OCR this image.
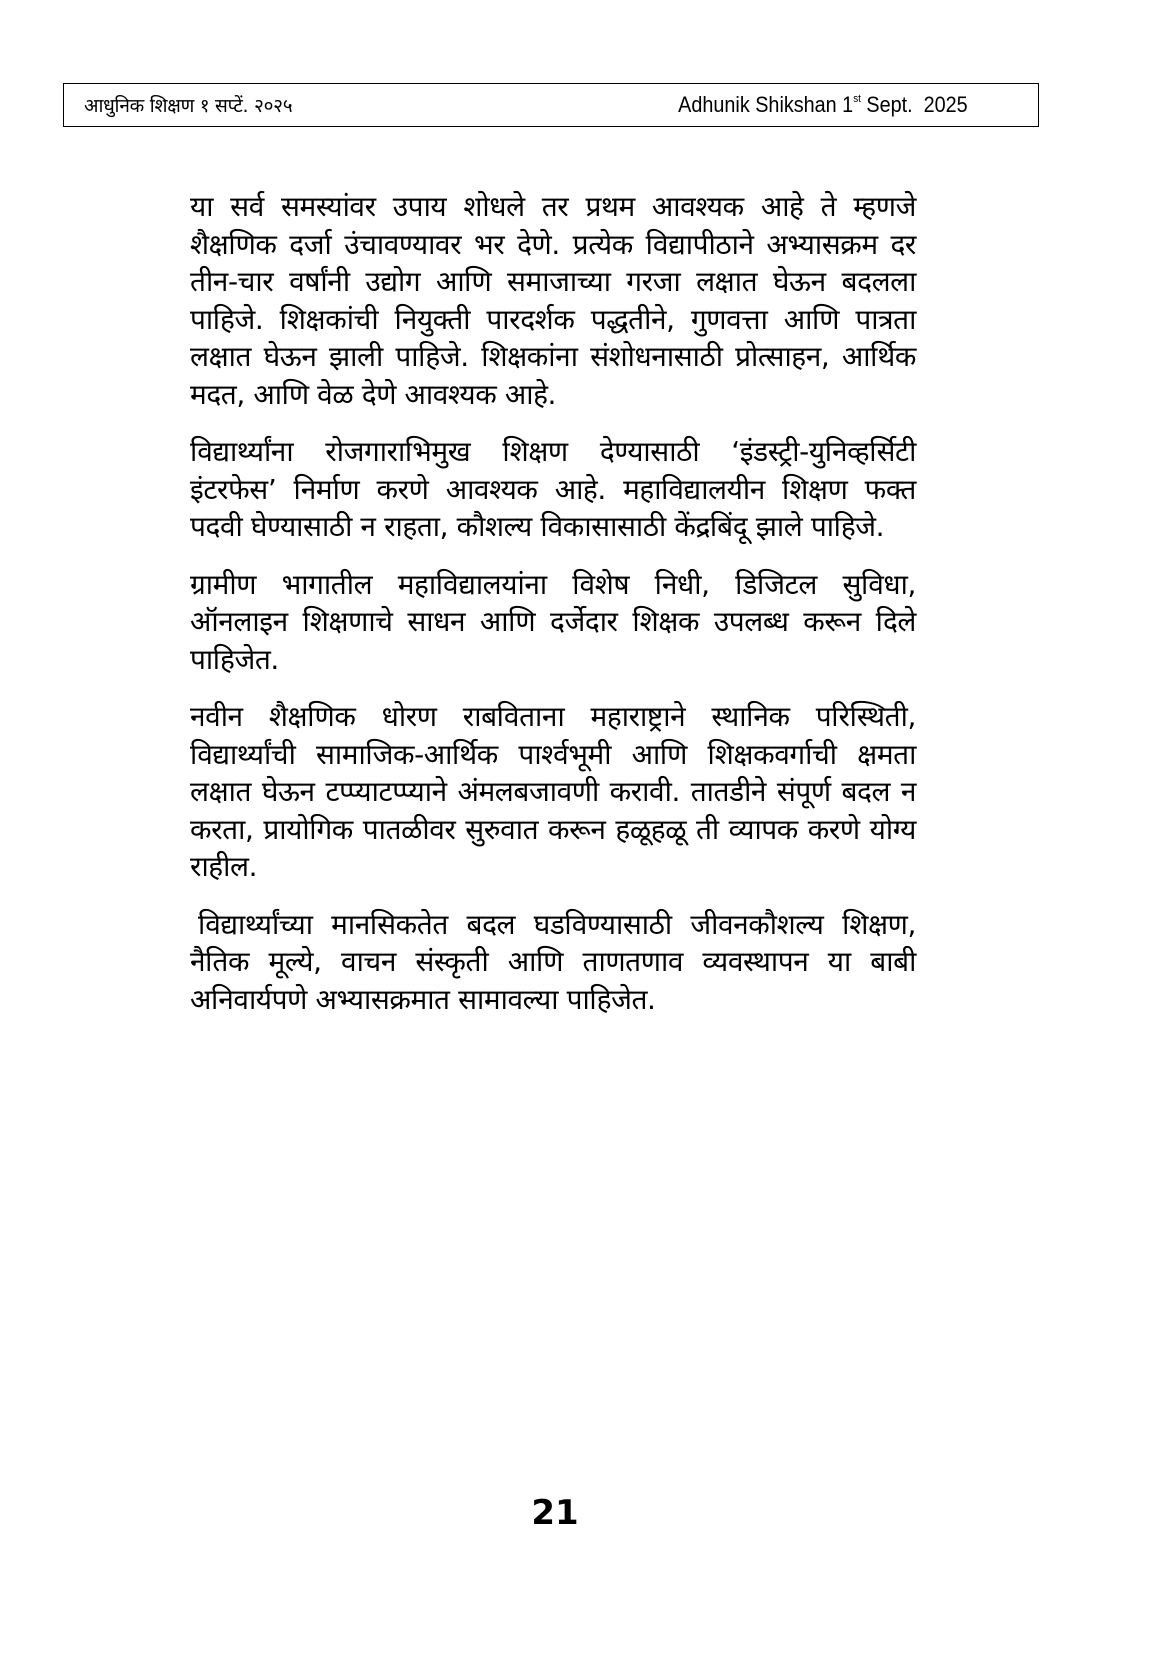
आधुनिक शिक्षण १ सप्टें. २०२५	Adhunik Shikshan 1st Sept.  2025

या सर्व समस्यांवर उपाय शोधले तर प्रथम आवश्यक आहे ते म्हणजे शैक्षणिक दर्जा उंचावण्यावर भर देणे. प्रत्येक विद्यापीठाने अभ्यासक्रम दर तीन-चार वर्षांनी उद्योग आणि समाजाच्या गरजा लक्षात घेऊन बदलला पाहिजे. शिक्षकांची नियुक्ती पारदर्शक पद्धतीने, गुणवत्ता आणि पात्रता लक्षात घेऊन झाली पाहिजे. शिक्षकांना संशोधनासाठी प्रोत्साहन, आर्थिक मदत, आणि वेळ देणे आवश्यक आहे.

विद्यार्थ्यांना रोजगाराभिमुख शिक्षण देण्यासाठी ‘इंडस्ट्री-युनिव्हर्सिटी इंटरफेस’ निर्माण करणे आवश्यक आहे. महाविद्यालयीन शिक्षण फक्त पदवी घेण्यासाठी न राहता, कौशल्य विकासासाठी केंद्रबिंदू झाले पाहिजे.

ग्रामीण भागातील महाविद्यालयांना विशेष निधी, डिजिटल सुविधा, ऑनलाइन शिक्षणाचे साधन आणि दर्जेदार शिक्षक उपलब्ध करून दिले पाहिजेत.

नवीन शैक्षणिक धोरण राबविताना महाराष्ट्राने स्थानिक परिस्थिती, विद्यार्थ्यांची सामाजिक-आर्थिक पार्श्वभूमी आणि शिक्षकवर्गाची क्षमता लक्षात घेऊन टप्प्याटप्प्याने अंमलबजावणी करावी. तातडीने संपूर्ण बदल न करता, प्रायोगिक पातळीवर सुरुवात करून हळूहळू ती व्यापक करणे योग्य राहील.

विद्यार्थ्यांच्या मानसिकतेत बदल घडविण्यासाठी जीवनकौशल्य शिक्षण, नैतिक मूल्ये, वाचन संस्कृती आणि ताणतणाव व्यवस्थापन या बाबी अनिवार्यपणे अभ्यासक्रमात सामावल्या पाहिजेत.

21
